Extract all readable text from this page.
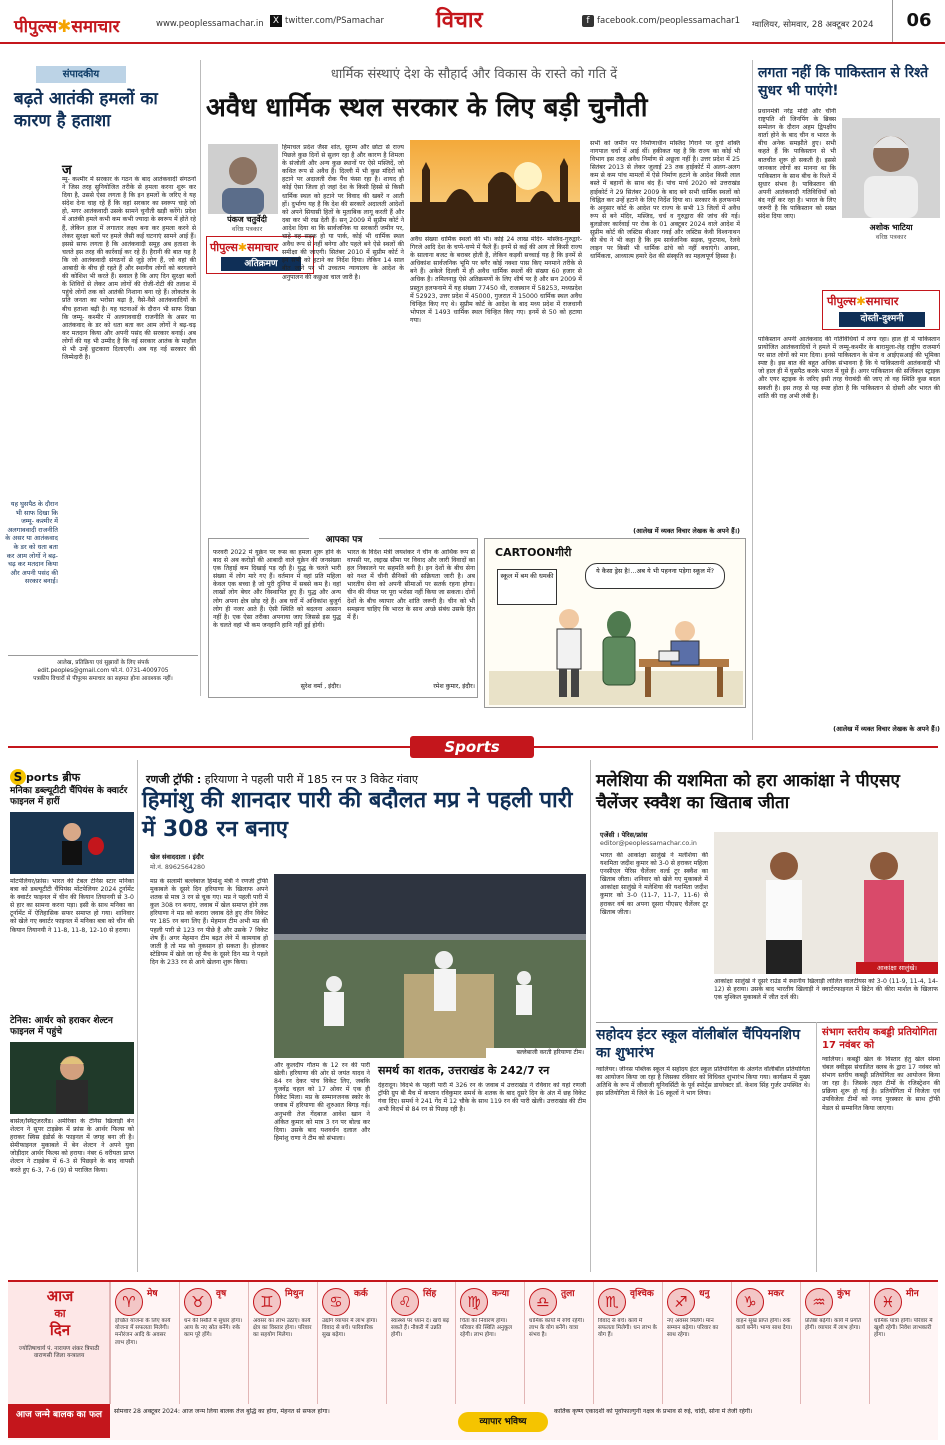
पीपुल्स✱समाचार	www.peoplessamachar.in	X twitter.com/PSamachar विचार	f facebook.com/peoplessamachar1 ग्वालियर, सोमवार, 28 अक्टूबर 2024	06
संपादकीय
बढ़ते आतंकी हमलों का कारण है हताशा
ज
म्मू- कश्मीर में सरकार के गठन के बाद आतंकवादी संगठनों ने जिस तरह सुनियोजित तरीके से हमला करना शुरू कर दिया है, उससे ऐसा लगता है कि इन हमलों के जरिए वे यह संदेश देना चाह रहे हैं कि वहां सरकार का स्वरूप चाहे जो हो, मगर आतंकवादी उसके सामने चुनौती खड़ी करेंगे। प्रदेश में आतंकी हमले कभी कम कभी ज्यादा के स्वरूप में होते रहे हैं, लेकिन हाल में लगातार लक्ष्य बना कर हमला करने से लेकर सुरक्षा बलों पर हमले जैसी कई घटनाएं सामने आई हैं। इससे साफ लगता है कि आतंकवादी समूह अब हताशा के चलते इस तरह की कार्रवाई कर रहे हैं। हैरानी की बात यह है कि जो आतंकवादी संगठनों से जुड़े लोग हैं, जो वहां की आबादी के बीच ही रहते हैं और स्थानीय लोगों को बरगलाने की कोशिश भी करते हैं। सवाल है कि आए दिन सुरक्षा बलों के शिविरों से लेकर आम लोगों की रोजी-रोटी की तलाश में पहुंचे लोगों तक को आतंकी निशाना बना रहे हैं। लोकतंत्र के प्रति जनता का भरोसा बढ़ा है, वैसे-वैसे आतंकवादियों के बीच हताशा बढ़ी है। यह घटनाओं के दौरान भी साफ दिखा कि जम्मू- कश्मीर में अलगाववादी राजनीति के असर या आतंकवाद के डर को धता बता कर आम लोगों ने बढ़-चढ़ कर मतदान किया और अपनी पसंद की सरकार बनाई। अब लोगों की यह भी उम्मीद है कि नई सरकार आतंक के माहौल से भी उन्हें छुटकारा दिलाएगी। अब यह नई सरकार की जिम्मेदारी है।
यह घुसपैठ के दौरान भी साफ दिखा कि जम्मू- कश्मीर में अलगाववादी राजनीति के असर या आतंकवाद के डर को धता बता कर आम लोगों ने बढ़- चढ़ कर मतदान किया और अपनी पसंद की सरकार बनाई।
आलेख, प्रतिक्रिया एवं सुझावों के लिए संपर्क
edit.peoples@gmail.com फो.नं. 0731-4009705
पत्रकीय विचारों से पीपुल्स समाचार का सहमत होना आवश्यक नहीं।
धार्मिक संस्थाएं देश के सौहार्द और विकास के रास्ते को गति दें
अवैध धार्मिक स्थल सरकार के लिए बड़ी चुनौती
पंकज चतुर्वेदी
वरिष्ठ पत्रकार
पीपुल्स✱समाचार
अतिक्रमण
हिमाचल प्रदेश जैसा शांत, सुरम्य और छोटा से राज्य पिछले कुछ दिनों से सुलग रहा है और कारण है शिमला के संजोली और अन्य कुछ स्थानों पर ऐसे मस्जिदें, जो कथित रूप से अवैध हैं। दिल्ली में भी कुछ मंदिरों को हटाने पर अदालती रोक पैंच फंसा रहा है। शायद ही कोई ऐसा जिला हो जहां देश के किसी हिस्से से किसी धार्मिक स्थल को हटाने पर विवाद की खबरें न आती हों। दुर्भाग्य यह है कि देश की सरकारें अदालती आदेशों को अपने सियासी हितों के मुताबिक लागू करती हैं और दबा कर भी रख देती हैं। सन् 2009 में सुप्रीम कोर्ट ने आदेश दिया था कि सार्वजनिक या सरकारी जमीन पर, चाहे वह सड़क हो या पार्क, कोई भी धार्मिक स्थल अवैध रूप से नहीं बनेगा और पहले बने ऐसे स्थलों की समीक्षा की जाएगी। सितंबर 2010 में सुप्रीम कोर्ट ने इन सभी को हटाने का निर्देश दिया। लेकिन 14 साल बीत जाने पर भी उच्चतम न्यायालय के आदेश के अनुपालन की कछुआ चाल जारी है।
अवैध संख्या धार्मिक स्थलों की भी। कोई 24 लाख मंदिर- मस्जिद-गुरुद्वारे- गिरजे आदि देश के चप्पे-चप्पे में फैले हैं। इनमें से कई की आय तो किसी राज्य के सालाना बजट के बराबर होती है, लेकिन कड़वी सच्चाई यह है कि इनमें से अधिकांश सार्वजनिक भूमि पर बगैर कोई नक्शा पास किए मनमाने तरीके से बने हैं। अकेले दिल्ली में ही अवैध धार्मिक स्थलों की संख्या 60 हजार से अधिक है। तमिलनाडु ऐसे अतिक्रमणों के लिए शीर्ष पर है और सन 2009 में प्रस्तुत हलफनामे में यह संख्या 77450 थी, राजस्थान में 58253, मध्यप्रदेश में 52923, उत्तर प्रदेश में 45000, गुजरात में 15000 धार्मिक स्थल अवैध चिन्हित किए गए थे। सुप्रीम कोर्ट के आदेश के बाद मध्य प्रदेश में राजधानी भोपाल में 1493 धार्मिक स्थल चिन्हित किए गए। इनमें से 50 को हटाया गया।
सभी को जमीन पर निर्माणाधीन मस्जिद गिराने पर दुर्गा शक्ति नागपाल चर्चा में आई थीं। हकीकत यह है कि राज्य का कोई भी विभाग इस तरह अवैध निर्माण से अछूता नहीं है। उत्तर प्रदेश में 25 सितंबर 2013 से लेकर जुलाई 23 तक हाईकोर्ट में अलग-अलग कम से कम पांच मामलों में ऐसे निर्माण हटाने के आदेश किसी लाल बस्ते में बहानों के साथ बंद हैं। पांच मार्च 2020 को उत्तराखंड हाईकोर्ट ने 29 सितंबर 2009 के बाद बने सभी धार्मिक स्थलों को चिह्नित कर उन्हें हटाने के लिए निर्देश दिया था। सरकार के हलफनामे के अनुसार कोर्ट के आदेश पर राज्य के सभी 13 जिलों में अवैध रूप से बने मंदिर, मस्जिद, चर्च व गुरुद्वारा की जांच की गई। बुलडोजर कार्रवाई पर रोक के 01 अक्टूबर 2024 वाले आदेश में सुप्रीम कोर्ट की जस्टिस बीआर गवई और जस्टिस केवी विश्वनाथन की बेंच ने भी कहा है कि हम सार्वजनिक सड़क, फुटपाथ, रेलवे लाइन पर किसी भी धार्मिक ढांचे को नहीं बचाएंगे। आस्था, धार्मिकता, आध्यात्म हमारे देश की संस्कृति का महत्वपूर्ण हिस्सा है।
(आलेख में व्यक्त विचार लेखक के अपने हैं।)
आपका पत्र
फरवरी 2022 मे यूक्रेन पर रूस का हमला शुरू होने के बाद से अब करोड़ों की आबादी वाले यूक्रेन की जनसंख्या एक तिहाई कम दिखाई पड़ रही है। युद्ध के चलते भारी संख्या में लोग मारे गए हैं। वर्तमान में वहां प्रति महिला केवल एक बच्चा है जो पूरी दुनिया में सबसे कम है। वहां लाखों लोग बेघर और विस्थापित हुए हैं। युद्ध और अन्य लोग अपना क्षेत्र छोड़ रहे हैं। अब घरों में अधिकांश बुजुर्ग लोग ही नजर आते हैं। ऐसी स्थिति को बदलना आसान नहीं है। एक ऐसा तरीका अपनाया जाए जिससे इस युद्ध के चलते वहां भी कम जनहानि हानि नहीं हुई होगी।
सुरेश वर्मा , इंदौर।
भारत के विदेश मंत्री जयशंकर ने चीन के आर्थिक रूप से वापसी पर, लद्दाख सीमा पर विवाद और जारी विवादों का हल निकालने पर सहमति बनी है। इन देशों के बीच सेना को गश्त में चीनी सैनिकों की सक्रियता जारी है। अब भारतीय सेना को अपनी सीमाओं पर सतर्क रहना होगा। चीन की नीयत पर पूरा भरोसा नहीं किया जा सकता। दोनों देशों के बीच व्यापार और शांति जरूरी है। चीन को भी समझना चाहिए कि भारत के साथ अच्छे संबंध उसके हित में हैं।
रमेश कुमार, इंदौर।
CARTOONगीरी
ये कैसा ड्रेस है!...अब ये भी पहनना पड़ेगा स्कूल में?
स्कूल में बम की धमकी
लगता नहीं कि पाकिस्तान से रिश्ते सुधर भी पाएंगे!
प्रधानमंत्री नरेंद्र मोदी और चीनी राष्ट्रपति शी जिनपिंग के ब्रिक्स सम्मेलन के दौरान अहम द्विपक्षीय वार्ता होने के बाद चीन व भारत के बीच अनेक समझौते हुए। सभी कहते हैं कि पाकिस्तान से भी बातचीत शुरू हो सकती है। इससे जानकार लोगों का मानना था कि पाकिस्तान के साथ बीच के रिश्ते में सुधार संभव है। पाकिस्तान की अपनी आतंकवादी गतिविधियों को बंद नहीं कर रहा है। भारत के लिए जरूरी है कि पाकिस्तान को सख्त संदेश दिया जाए।
अशोक भाटिया
वरिष्ठ पत्रकार
पीपुल्स✱समाचार
दोस्ती-दुश्मनी
पाकिस्तान अपनी आतंकवाद की गतिविधियों में लगा रहा। हाल ही में पाकिस्तान प्रायोजित आतंकवादियों ने हमले में जम्मू-कश्मीर के बारामुला-लेह राष्ट्रीय राजमार्ग पर सात लोगों को मार दिया। इनसे पाकिस्तान के सेना व आईएसआई की भूमिका स्पष्ट है। इस बात की बहुत अधिक संभावना है कि ये पाकिस्तानी आतंकवादी भी जो हाल ही में घुसपैठ करके भारत में घुसे हैं। अगर पाकिस्तान की सर्जिकल स्ट्राइक और एयर स्ट्राइक के जरिए इसी तरह घेराबंदी की जाए तो वह स्थिति कुछ बदल सकती है। इस तरह से यह स्पष्ट होता है कि पाकिस्तान से दोस्ती और भारत की शांति की राह अभी लंबी है।
(आलेख में व्यक्त विचार लेखक के अपने हैं।)
Sports
S ports ब्रीफ
मनिका डब्ल्यूटीटी चैंपियंस के क्वार्टर फाइनल में हारीं
मोंटपेलियर/फ्रांस। भारत की टेबल टेनिस स्टार मनिका बत्रा को डब्ल्यूटीटी चैंपियंस मोंटपेलियर 2024 टूर्नामेंट के क्वार्टर फाइनल में चीन की कियान तियानयी से 3-0 से हार का सामना करना पड़ा। इसी के साथ मनिका का टूर्नामेंट में ऐतिहासिक सफर समाप्त हो गया। शानिवार को खेले गए क्वार्टर फाइनल में मनिका बत्रा को चीन की कियान तियानयी ने 11-8, 11-8, 12-10 से हराया।
टेनिस: आर्थर को हराकर शेल्टन फाइनल में पहुंचे
बासेल/स्विट्जरलैंड। अमेरिका के टेनिस खिलाड़ी बेन शेल्टन ने सुपर टाइब्रेक में फ्रांस के आर्थर फिल्स को हराकर स्विस इंडोर्स के फाइनल में जगह बना ली है। सेमीफाइनल मुकाबले में बेन शेल्टन ने अपने युवा जोड़ीदार आर्थर फिल्स को हराया। नंबर 6 वरीयता प्राप्त शेल्टन ने टाइब्रेक में 6-3 से पिछड़ने के बाद वापसी करते हुए 6-3, 7-6 (9) से पराजित किया।
रणजी ट्रॉफी : हरियाणा ने पहली पारी में 185 रन पर 3 विकेट गंवाए
हिमांशु की शानदार पारी की बदौलत मप्र ने पहली पारी में 308 रन बनाए
खेल संवाददाता । इंदौर
मो.नं. 8962564280
मप्र के सलामी बल्लेबाज हिमांशु मंत्री ने रणजी ट्रॉफी मुकाबले के दूसरे दिन हरियाणा के खिलाफ अपने शतक से मात्र 3 रन से चूक गए। मप्र ने पहली पारी में कुल 308 रन बनाए, जवाब में खेल समाप्त होने तक हरियाणा ने मप्र को करारा जवाब देते हुए तीन विकेट पर 185 रन बना लिए हैं। मेहमान टीम अभी मप्र की पहली पारी से 123 रन पीछे है और उसके 7 विकेट शेष हैं। अगर मेहमान टीम बढ़त लेने में कामयाब हो जाती है तो मप्र को नुकसान हो सकता है। होलकर स्टेडियम में खेले जा रहे मैच के दूसरे दिन मप्र ने पहले दिन के 233 रन से आगे खेलना शुरू किया।
बल्लेबाजी करती हरियाणा टीम।
और कुलदीप गौतम के 12 रन की पारी खेली। हरियाणा की ओर से जयंत यादव ने 84 रन देकर पांच विकेट लिए, जबकि युजवेंद्र चहल को 17 ओवर में एक ही विकेट मिला। मप्र के सम्मानजनक स्कोर के जवाब में हरियाणा की शुरुआत बिगड़ गई। अनुभवी तेज गेंदबाज आवेश खान ने अंकित कुमार को मात्र 3 रन पर बोल्ड कर दिया। उसके बाद यशवर्धन दलाल और हिमांशु राणा ने टीम को संभाला।
समर्थ का शतक, उत्तराखंड के 242/7 रन
देहरादून। विदर्भ के पहली पारी में 326 रन के जवाब में उत्तराखंड ने रविवार को यहां रणजी ट्रॉफी ग्रुप बी मैच में कप्तान रविकुमार समर्थ के शतक के बाद दूसरे दिन के अंत में छह विकेट गंवा दिए। समर्थ ने 241 गेंद में 12 चौके के साथ 119 रन की पारी खेली। उत्तराखंड की टीम अभी विदर्भ से 84 रन से पिछड़ रही है।
मलेशिया की यशमिता को हरा आकांक्षा ने पीएसए चैलेंजर स्क्वैश का खिताब जीता
एजेंसी । पेरिस/फ्रांस
editor@peoplessamachar.co.in
भारत की आकांक्षा सालुंखे ने मलेशिया की यशमिता जदीश कुमार को 3-0 से हराकर महिला एनसीएल पेरिस चैलेंजर वर्ल्ड टूर स्क्वैश का खिताब जीता। शनिवार को खेले गए मुकाबले में आकांक्षा सालुंखे ने मलेशिया की यशमिता जदीश कुमार को 3-0 (11-7, 11-7, 11-6) से हराकर वर्ष का अपना दूसरा पीएसए चैलेंजर टूर खिताब जीता।
आकांक्षा सालुंखे।
आकांक्षा सालुंखे ने दूसरे राउंड में स्थानीय खिलाड़ी लोलित वालटीयस को 3-0 (11-9, 11-4, 14-12) से हराया। उसके बाद भारतीय खिलाड़ी ने क्वार्टरफाइनल में ब्रिटेन की कीरा मार्शल के खिलाफ एक मुश्किल मुकाबले में जीत दर्ज की।
सहोदय इंटर स्कूल वॉलीबॉल चैंपियनशिप का शुभारंभ
ग्वालियर। जीनस पब्लिक स्कूल में सहोदय इंटर स्कूल प्रतियोगिता के अंतर्गत वॉलीबॉल प्रतियोगिता का आयोजन किया जा रहा है जिसका रविवार को विधिवत शुभारंभ किया गया। कार्यक्रम में मुख्य अतिथि के रूप में जीवाजी यूनिवर्सिटी के पूर्व स्पोर्ट्स डायरेक्टर डॉ. केशव सिंह गुर्जर उपस्थित थे। इस प्रतियोगिता में जिले के 16 स्कूलों ने भाग लिया।
संभाग स्तरीय कबड्डी प्रतियोगिता 17 नवंबर को
ग्वालियर। कबड्डी खेल के विस्तार हेतु खेल संस्था चंबल क्वीड्स संचालित क्लब के द्वारा 17 नवंबर को संभाग स्तरीय कबड्डी प्रतियोगिता का आयोजन किया जा रहा है। जिसके तहत टीमों के रजिस्ट्रेशन की प्रक्रिया शुरू हो गई है। प्रतियोगिता में विजेता एवं उपविजेता टीमों को नगद पुरस्कार के साथ ट्रॉफी मेडल से सम्मानित किया जाएगा।
आज
का
दिन
ज्योतिषाचार्य पं. नारायण शंकर त्रिपाठी वाराणसी जिला यन्त्रालय
♈	मेष
इच्छित योजना के लिए कार्य योजना में सफलता मिलेगी। मनोरंजन आदि के अवसर लाभ होगा।
♉	वृष
धन की स्थिति में सुधार होगा। आय के नए स्रोत बनेंगे। रुके काम पूरे होंगे।
♊	मिथुन
अवसर का लाभ उठाएं। कार्य क्षेत्र का विस्तार होगा। परिवार का सहयोग मिलेगा।
♋	कर्क
उद्योग व्यापार में लाभ होगा। विवाद से बचें। पारिवारिक सुख बढ़ेगा।
♌	सिंह
स्वास्थ्य पर ध्यान दें। खर्च बढ़ सकते हैं। नौकरी में उन्नति होगी।
♍	कन्या
चिंता का निवारण होगा। परिवार की स्थिति अनुकूल रहेगी। लाभ होगा।
♎	तुला
धार्मिक कार्यों में रुचि रहेगी। लाभ के योग बनेंगे। यात्रा संभव है।
♏	वृश्चिक
विवाद से बचें। कार्य में सफलता मिलेगी। धन लाभ के योग हैं।
♐	धनु
नए अवसर मिलेंगे। मान सम्मान बढ़ेगा। परिवार का साथ रहेगा।
♑	मकर
वाहन सुख प्राप्त होगा। रुके कार्य बनेंगे। भाग्य साथ देगा।
♒	कुंभ
प्रतिष्ठा बढ़ेगी। कार्य में प्रगति होगी। व्यापार में लाभ होगा।
♓	मीन
धार्मिक यात्रा होगी। परिवार में खुशी रहेगी। निवेश लाभकारी होगा।
आज जन्मे बालक का फल	सोमवार 28 अक्टूबर 2024: आज जन्म लिया बालक तेज बुद्धि का होगा, मेहनत से सफल होगा।
व्यापार भविष्य
कार्तिक कृष्ण एकादशी को पूर्वाफाल्गुनी नक्षत्र के प्रभाव से रुई, चांदी, सोना में तेजी रहेगी।
